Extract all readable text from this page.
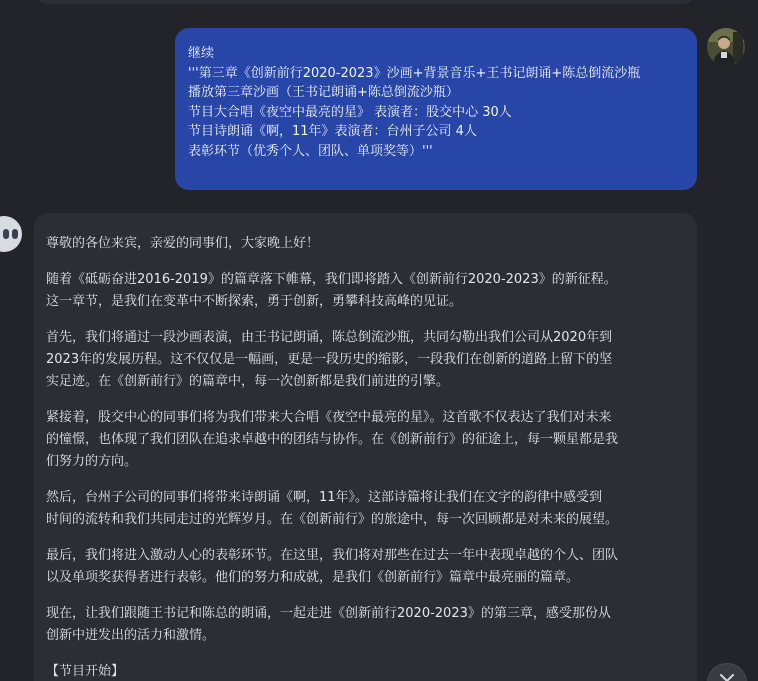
继续
'''第三章《创新前行2020-2023》沙画+背景音乐+王书记朗诵+陈总倒流沙瓶
播放第三章沙画（王书记朗诵+陈总倒流沙瓶）
节目大合唱《夜空中最亮的星》 表演者：股交中心 30人
节目诗朗诵《啊，11年》表演者：台州子公司 4人
表彰环节（优秀个人、团队、单项奖等）'''

尊敬的各位来宾，亲爱的同事们，大家晚上好！

随着《砥砺奋进2016-2019》的篇章落下帷幕，我们即将踏入《创新前行2020-2023》的新征程。
这一章节，是我们在变革中不断探索，勇于创新，勇攀科技高峰的见证。

首先，我们将通过一段沙画表演，由王书记朗诵，陈总倒流沙瓶，共同勾勒出我们公司从2020年到
2023年的发展历程。这不仅仅是一幅画，更是一段历史的缩影，一段我们在创新的道路上留下的坚
实足迹。在《创新前行》的篇章中，每一次创新都是我们前进的引擎。

紧接着，股交中心的同事们将为我们带来大合唱《夜空中最亮的星》。这首歌不仅表达了我们对未来
的憧憬，也体现了我们团队在追求卓越中的团结与协作。在《创新前行》的征途上，每一颗星都是我
们努力的方向。

然后，台州子公司的同事们将带来诗朗诵《啊，11年》。这部诗篇将让我们在文字的韵律中感受到
时间的流转和我们共同走过的光辉岁月。在《创新前行》的旅途中，每一次回顾都是对未来的展望。

最后，我们将进入激动人心的表彰环节。在这里，我们将对那些在过去一年中表现卓越的个人、团队
以及单项奖获得者进行表彰。他们的努力和成就，是我们《创新前行》篇章中最亮丽的篇章。

现在，让我们跟随王书记和陈总的朗诵，一起走进《创新前行2020-2023》的第三章，感受那份从
创新中迸发出的活力和激情。

【节目开始】
